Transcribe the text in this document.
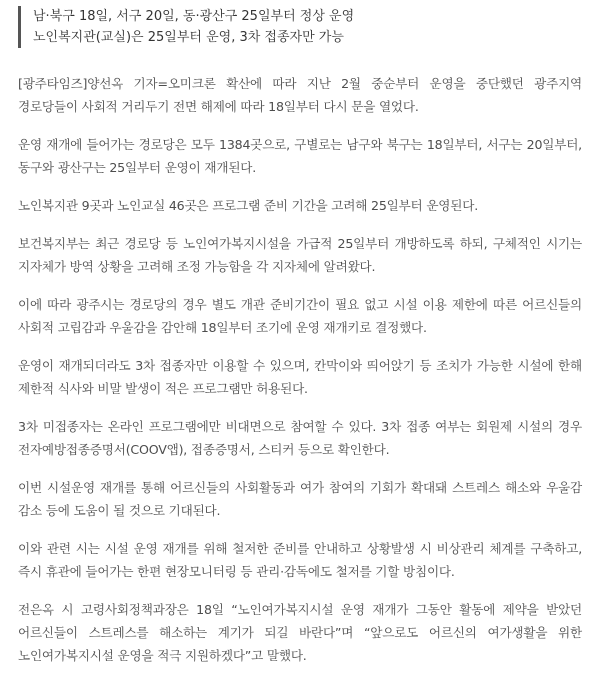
남·북구 18일, 서구 20일, 동·광산구 25일부터 정상 운영
노인복지관(교실)은 25일부터 운영, 3차 접종자만 가능

[광주타임즈]양선옥 기자=오미크론 확산에 따라 지난 2월 중순부터 운영을 중단했던 광주지역 경로당들이 사회적 거리두기 전면 해제에 따라 18일부터 다시 문을 열었다.

운영 재개에 들어가는 경로당은 모두 1384곳으로, 구별로는 남구와 북구는 18일부터, 서구는 20일부터, 동구와 광산구는 25일부터 운영이 재개된다.

노인복지관 9곳과 노인교실 46곳은 프로그램 준비 기간을 고려해 25일부터 운영된다.

보건복지부는 최근 경로당 등 노인여가복지시설을 가급적 25일부터 개방하도록 하되, 구체적인 시기는 지자체가 방역 상황을 고려해 조정 가능함을 각 지자체에 알려왔다.

이에 따라 광주시는 경로당의 경우 별도 개관 준비기간이 필요 없고 시설 이용 제한에 따른 어르신들의 사회적 고립감과 우울감을 감안해 18일부터 조기에 운영 재개키로 결정했다.

운영이 재개되더라도 3차 접종자만 이용할 수 있으며, 칸막이와 띄어앉기 등 조치가 가능한 시설에 한해 제한적 식사와 비말 발생이 적은 프로그램만 허용된다.

3차 미접종자는 온라인 프로그램에만 비대면으로 참여할 수 있다. 3차 접종 여부는 회원제 시설의 경우 전자예방접종증명서(COOV앱), 접종증명서, 스티커 등으로 확인한다.

이번 시설운영 재개를 통해 어르신들의 사회활동과 여가 참여의 기회가 확대돼 스트레스 해소와 우울감 감소 등에 도움이 될 것으로 기대된다.

이와 관련 시는 시설 운영 재개를 위해 철저한 준비를 안내하고 상황발생 시 비상관리 체계를 구축하고, 즉시 휴관에 들어가는 한편 현장모니터링 등 관리·감독에도 철저를 기할 방침이다.

전은옥 시 고령사회정책과장은 18일 “노인여가복지시설 운영 재개가 그동안 활동에 제약을 받았던 어르신들이 스트레스를 해소하는 계기가 되길 바란다”며 “앞으로도 어르신의 여가생활을 위한 노인여가복지시설 운영을 적극 지원하겠다”고 말했다.
